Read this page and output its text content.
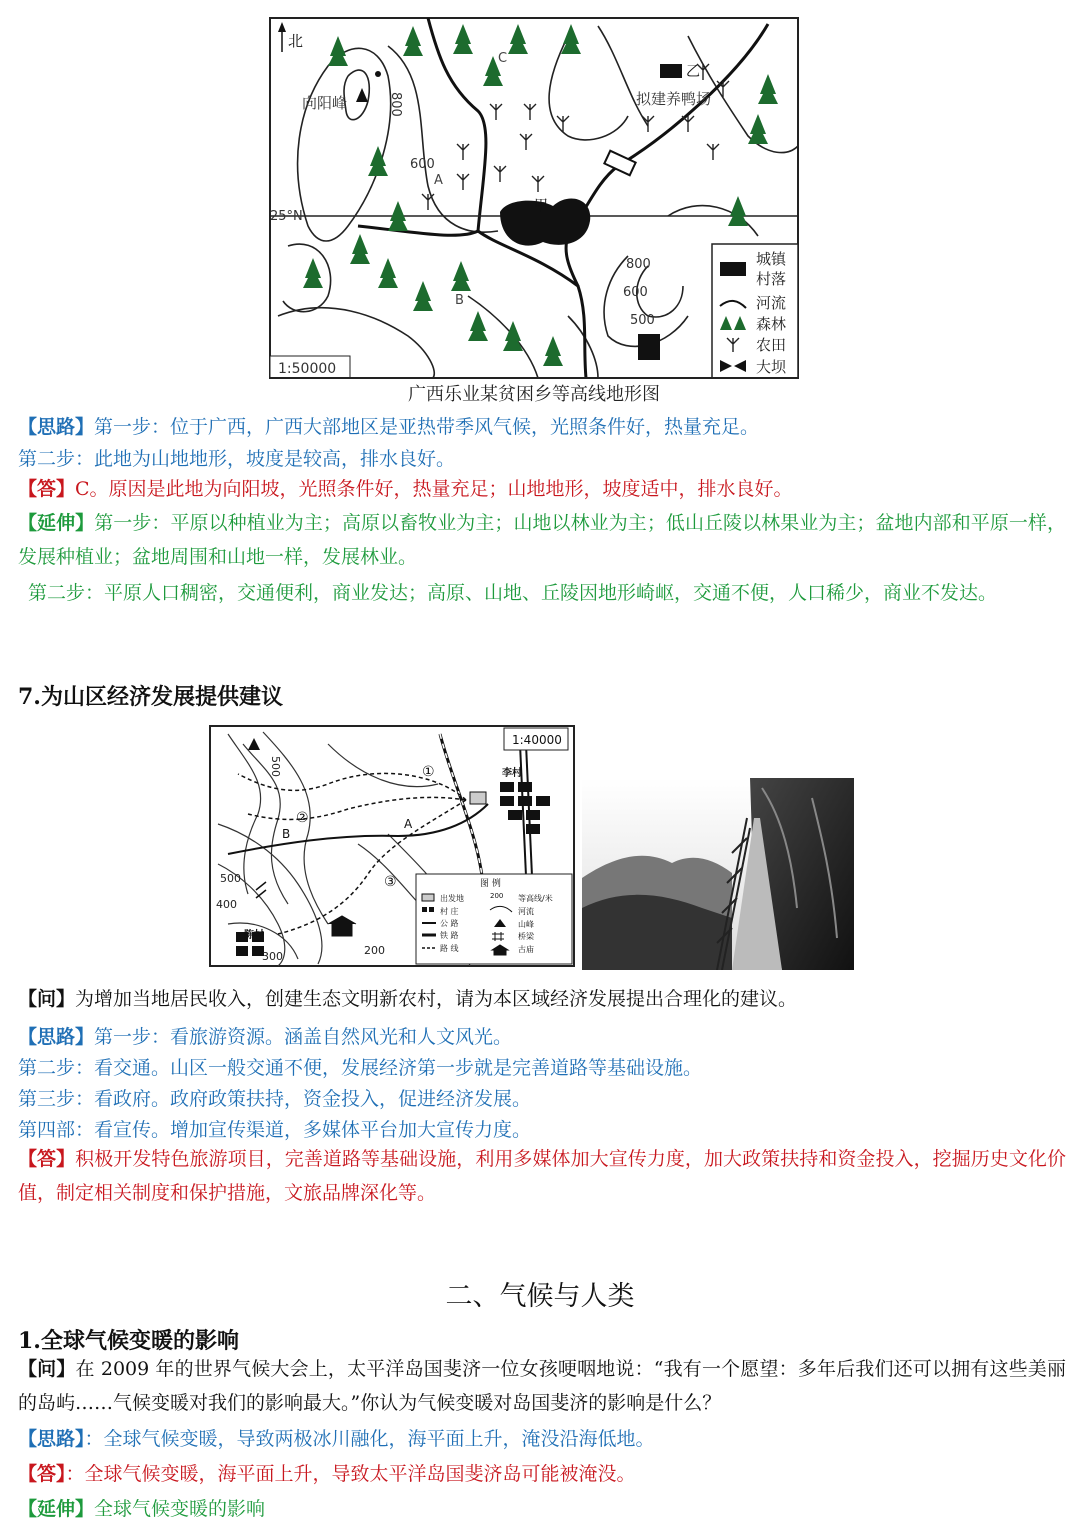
北
向阳峰
C
A
B
甲
乙
拟建养鸭场
25°N
800
600
800
600
500
1:50000
城镇
村落
河流
森林
农田
大坝
广西乐业某贫困乡等高线地形图
【思路】第一步：位于广西，广西大部地区是亚热带季风气候，光照条件好，热量充足。
第二步：此地为山地地形，坡度是较高，排水良好。
【答】C。原因是此地为向阳坡，光照条件好，热量充足；山地地形，坡度适中，排水良好。
【延伸】第一步：平原以种植业为主；高原以畜牧业为主；山地以林业为主；低山丘陵以林果业为主；盆地内部和平原一样，发展种植业；盆地周围和山地一样，发展林业。
第二步：平原人口稠密，交通便利，商业发达；高原、山地、丘陵因地形崎岖，交通不便，人口稀少，商业不发达。
7.为山区经济发展提供建议
1:40000
李村
陈村
500
500
400
300	200
A
B
①
②
③	图 例
出发地
村 庄
公 路
铁 路
路 线
200 等高线/米
河流
山峰
桥梁
古庙
【问】为增加当地居民收入，创建生态文明新农村，请为本区域经济发展提出合理化的建议。
【思路】第一步：看旅游资源。涵盖自然风光和人文风光。
第二步：看交通。山区一般交通不便，发展经济第一步就是完善道路等基础设施。
第三步：看政府。政府政策扶持，资金投入，促进经济发展。
第四部：看宣传。增加宣传渠道，多媒体平台加大宣传力度。
【答】积极开发特色旅游项目，完善道路等基础设施，利用多媒体加大宣传力度，加大政策扶持和资金投入，挖掘历史文化价值，制定相关制度和保护措施，文旅品牌深化等。
二、气候与人类
1.全球气候变暖的影响
【问】在 2009 年的世界气候大会上，太平洋岛国斐济一位女孩哽咽地说：“我有一个愿望：多年后我们还可以拥有这些美丽的岛屿……气候变暖对我们的影响最大。”你认为气候变暖对岛国斐济的影响是什么？
【思路】：全球气候变暖，导致两极冰川融化，海平面上升，淹没沿海低地。
【答】：全球气候变暖，海平面上升，导致太平洋岛国斐济岛可能被淹没。
【延伸】全球气候变暖的影响
